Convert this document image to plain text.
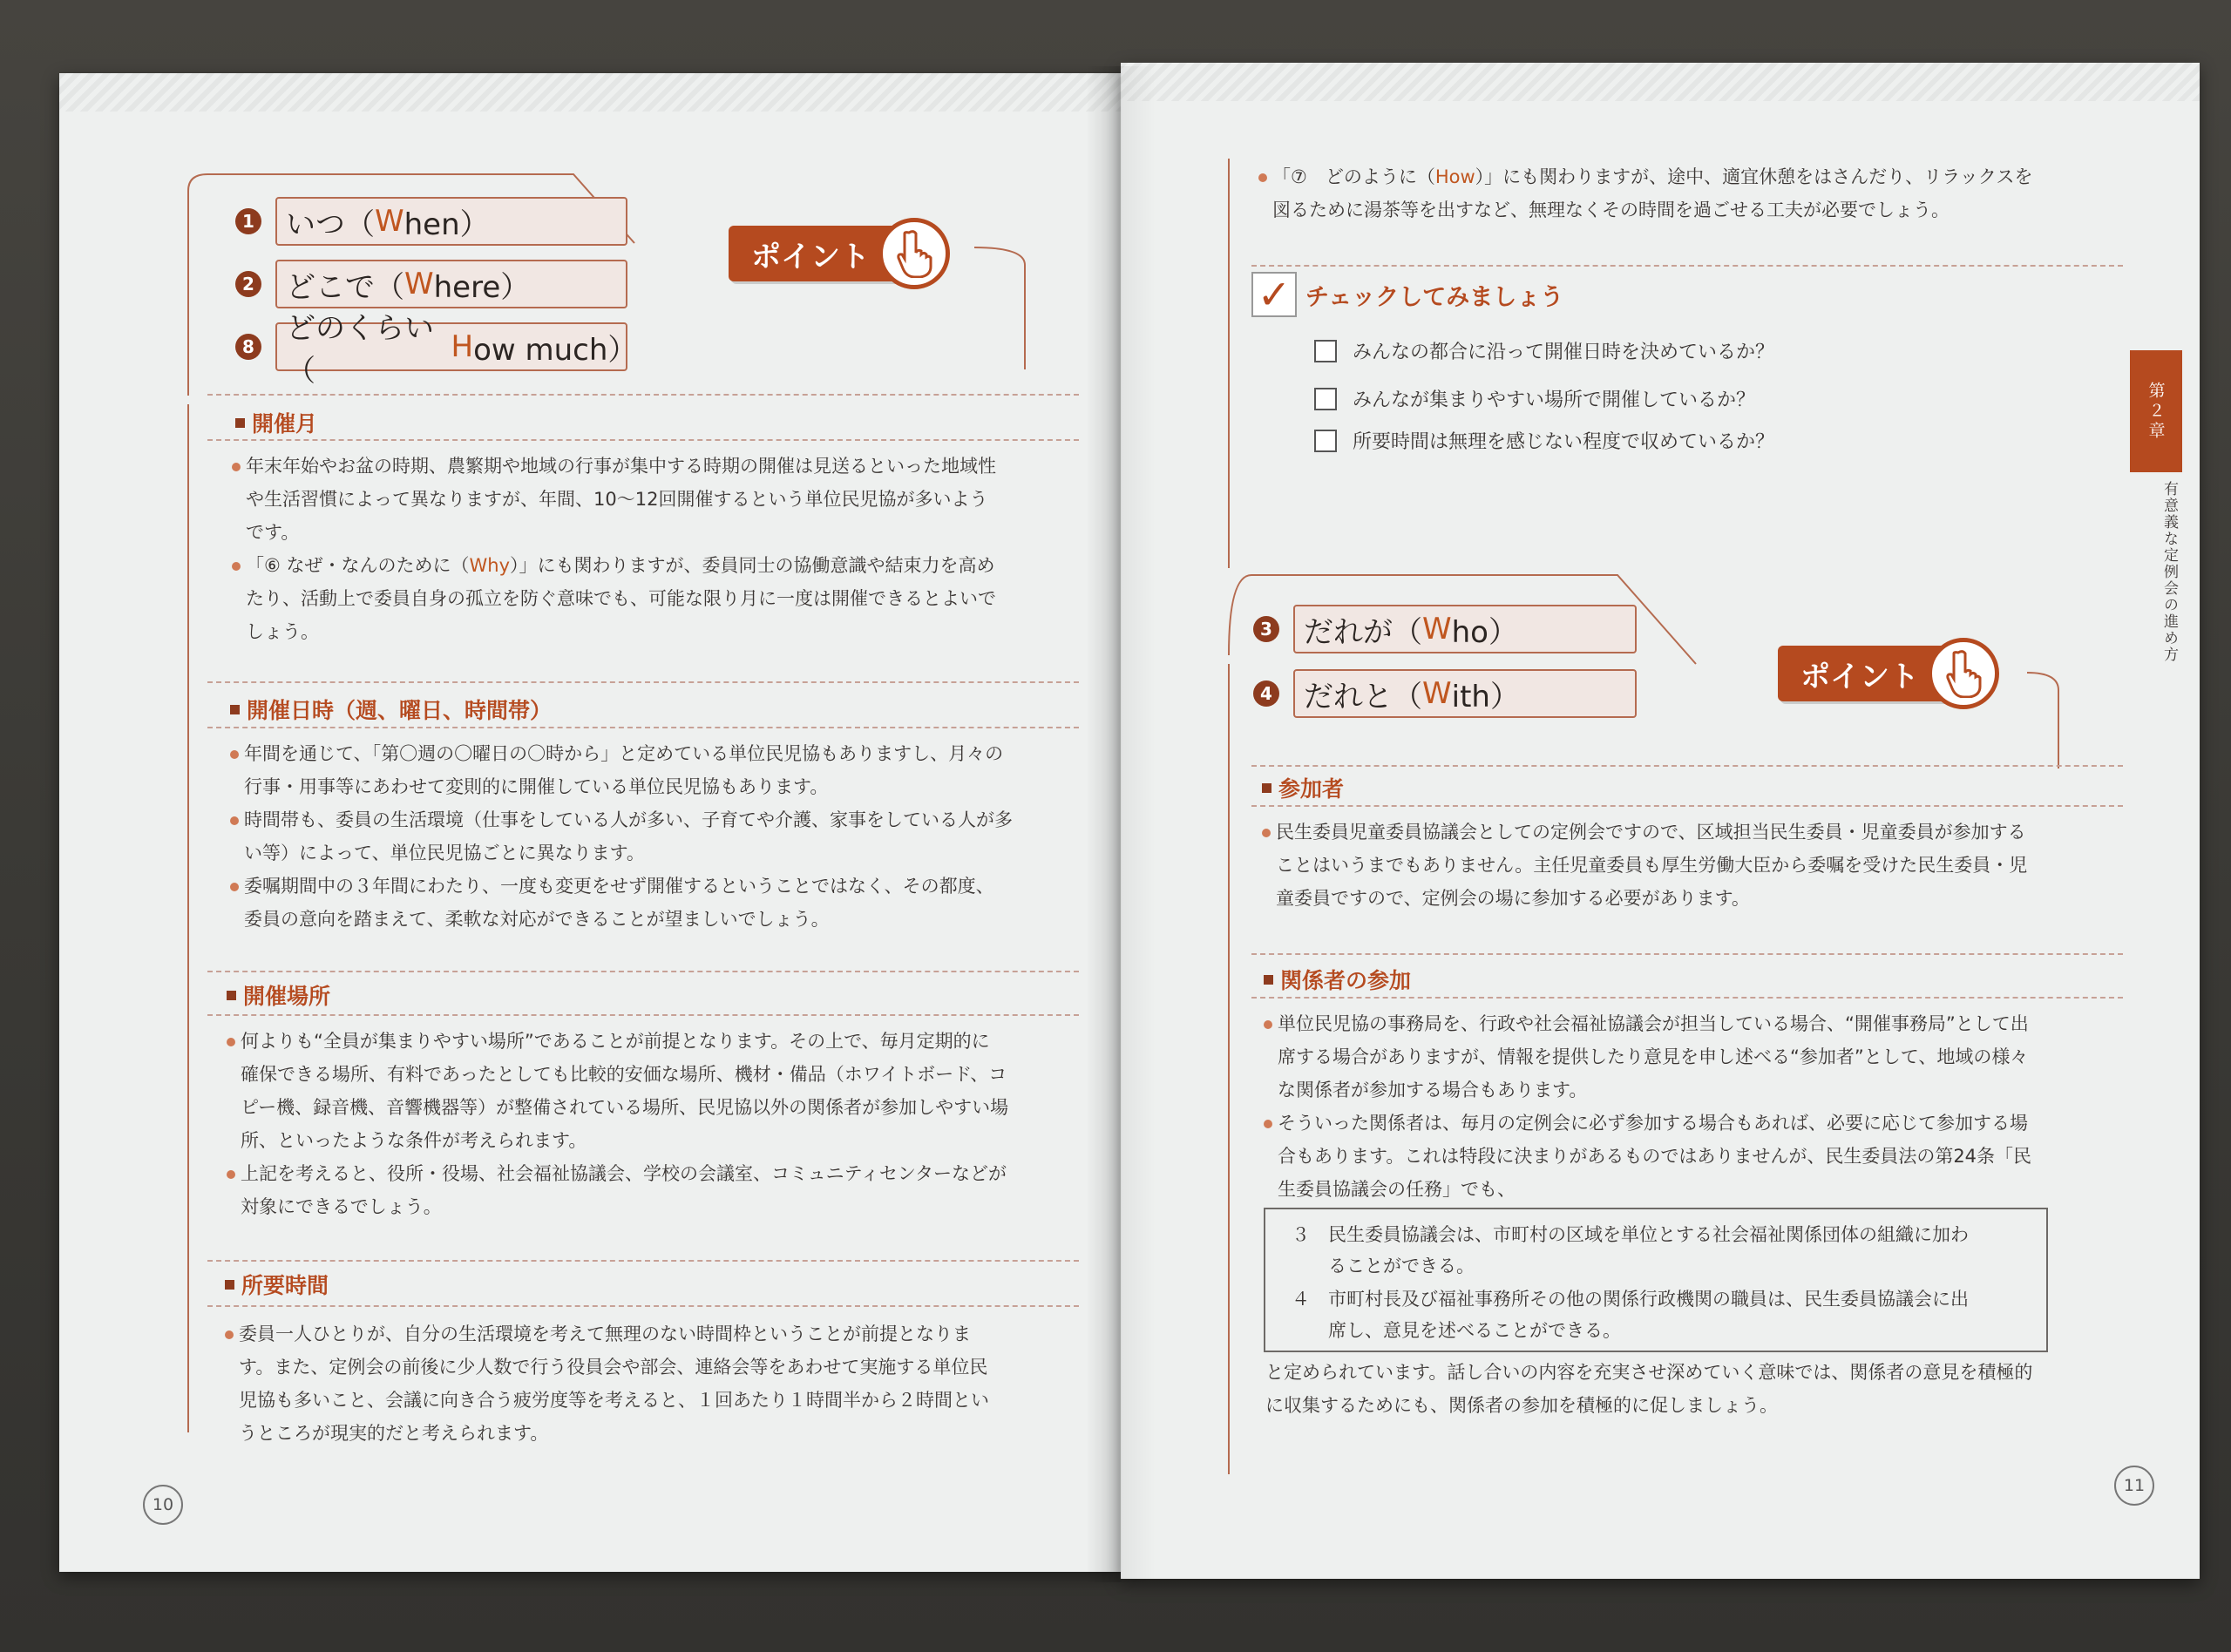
1 いつ（ W hen）
2 どこで（ W here）
8
どのくらい（
H ow much）
ポイント
開催月
年末年始やお盆の時期、農繁期や地域の行事が集中する時期の開催は見送るといった地域性
や生活習慣によって異なりますが、年間、10～12回開催するという単位民児協が多いよう
です。
「⑥ なぜ・なんのために（Why）」にも関わりますが、委員同士の協働意識や結束力を高め
たり、活動上で委員自身の孤立を防ぐ意味でも、可能な限り月に一度は開催できるとよいで
しょう。
開催日時（週、曜日、時間帯）
年間を通じて、「第〇週の〇曜日の〇時から」と定めている単位民児協もありますし、月々の
行事・用事等にあわせて変則的に開催している単位民児協もあります。
時間帯も、委員の生活環境（仕事をしている人が多い、子育てや介護、家事をしている人が多
い等）によって、単位民児協ごとに異なります。
委嘱期間中の３年間にわたり、一度も変更をせず開催するということではなく、その都度、
委員の意向を踏まえて、柔軟な対応ができることが望ましいでしょう。
開催場所
何よりも“全員が集まりやすい場所”であることが前提となります。その上で、毎月定期的に
確保できる場所、有料であったとしても比較的安価な場所、機材・備品（ホワイトボード、コ
ピー機、録音機、音響機器等）が整備されている場所、民児協以外の関係者が参加しやすい場
所、といったような条件が考えられます。
上記を考えると、役所・役場、社会福祉協議会、学校の会議室、コミュニティセンターなどが
対象にできるでしょう。
所要時間
委員一人ひとりが、自分の生活環境を考えて無理のない時間枠ということが前提となりま
す。また、定例会の前後に少人数で行う役員会や部会、連絡会等をあわせて実施する単位民
児協も多いこと、会議に向き合う疲労度等を考えると、１回あたり１時間半から２時間とい
うところが現実的だと考えられます。
10
「⑦　どのように（How）」にも関わりますが、途中、適宜休憩をはさんだり、リラックスを
図るために湯茶等を出すなど、無理なくその時間を過ごせる工夫が必要でしょう。
✓ チェックしてみましょう
みんなの都合に沿って開催日時を決めているか？
みんなが集まりやすい場所で開催しているか？
所要時間は無理を感じない程度で収めているか？
3 だれが（ W ho）
4 だれと（ W ith）
ポイント
参加者
民生委員児童委員協議会としての定例会ですので、区域担当民生委員・児童委員が参加する
ことはいうまでもありません。主任児童委員も厚生労働大臣から委嘱を受けた民生委員・児
童委員ですので、定例会の場に参加する必要があります。
関係者の参加
単位民児協の事務局を、行政や社会福祉協議会が担当している場合、“開催事務局”として出
席する場合がありますが、情報を提供したり意見を申し述べる“参加者”として、地域の様々
な関係者が参加する場合もあります。
そういった関係者は、毎月の定例会に必ず参加する場合もあれば、必要に応じて参加する場
合もあります。これは特段に決まりがあるものではありませんが、民生委員法の第24条「民
生委員協議会の任務」でも、
３　民生委員協議会は、市町村の区域を単位とする社会福祉関係団体の組織に加わ
　　ることができる。
４　市町村長及び福祉事務所その他の関係行政機関の職員は、民生委員協議会に出
　　席し、意見を述べることができる。
と定められています。話し合いの内容を充実させ深めていく意味では、関係者の意見を積極的
に収集するためにも、関係者の参加を積極的に促しましょう。
第２章
有意義な定例会の進め方
11
